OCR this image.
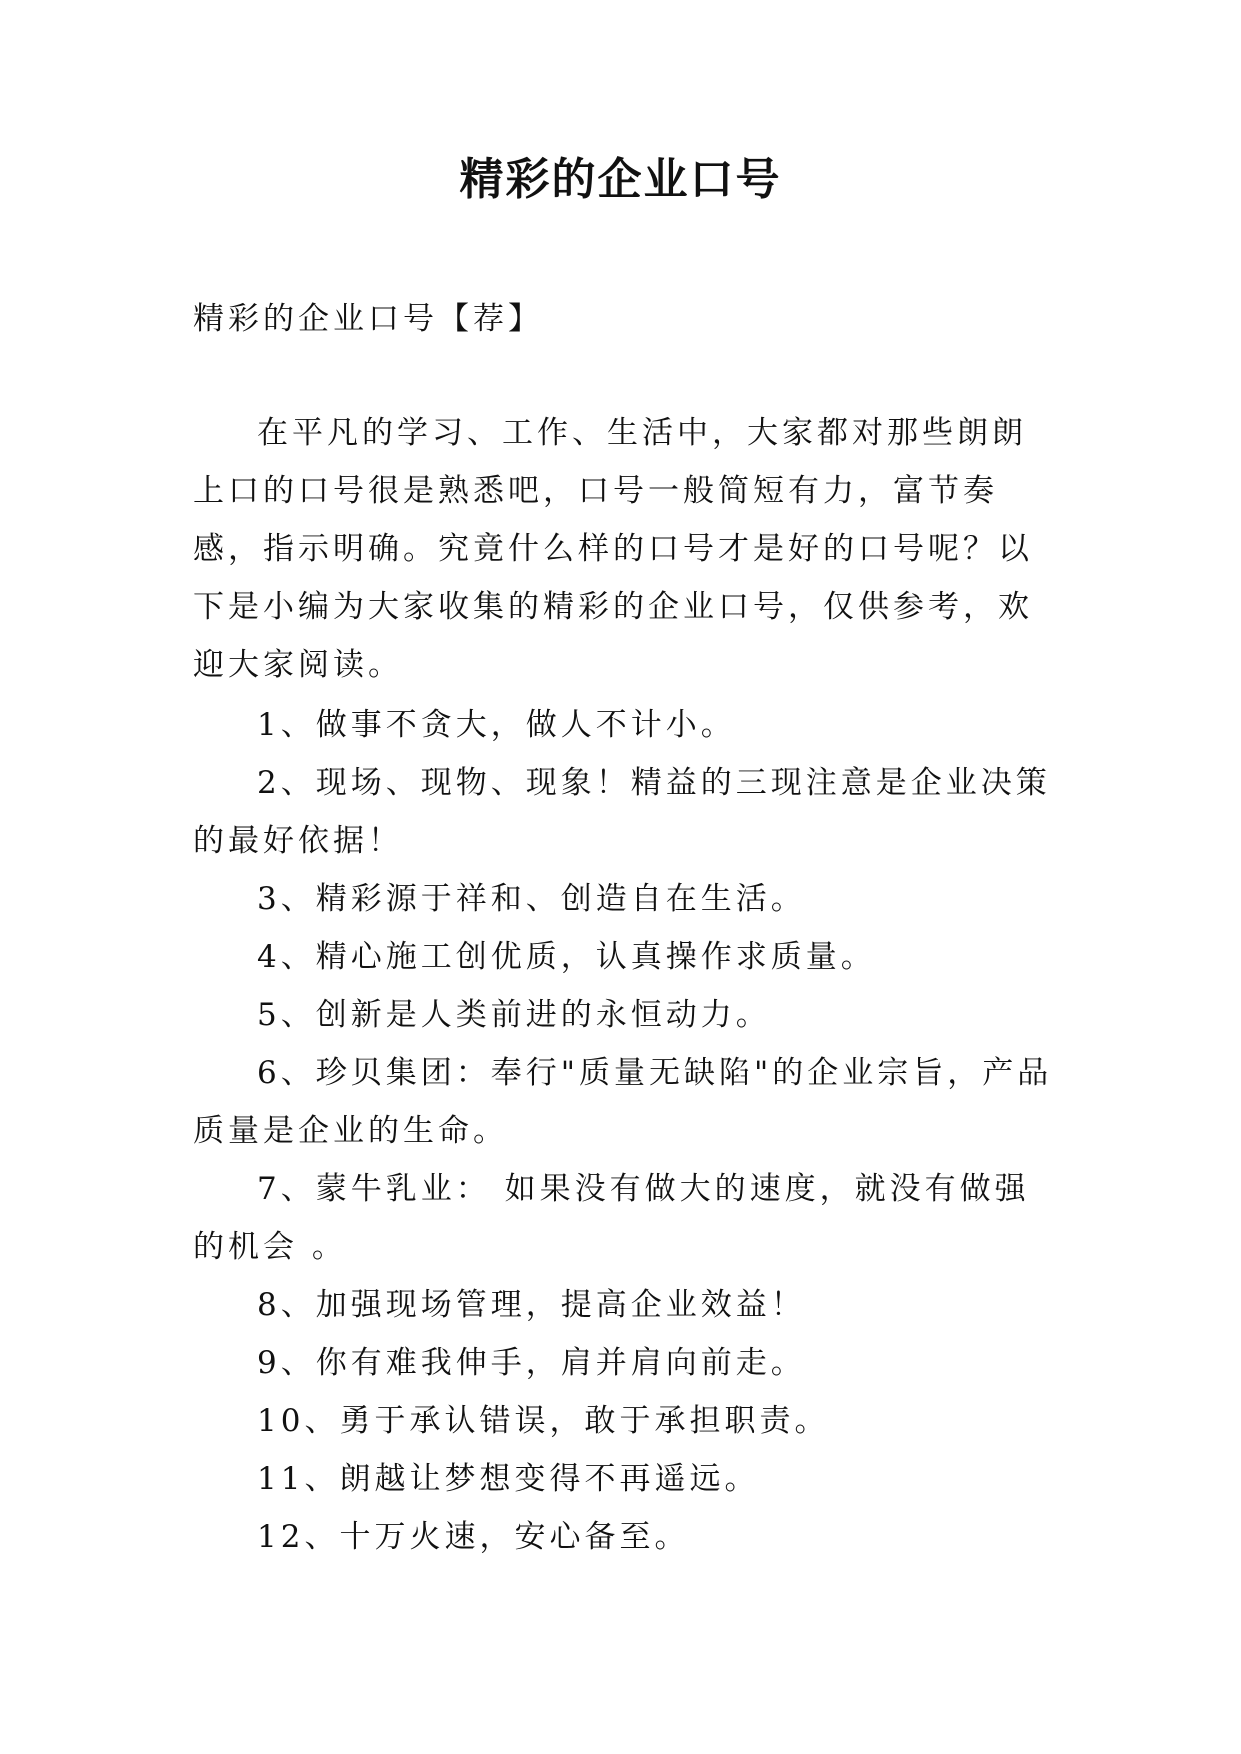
精彩的企业口号
精彩的企业口号【荐】
在平凡的学习、工作、生活中，大家都对那些朗朗上口的口号很是熟悉吧，口号一般简短有力，富节奏感，指示明确。究竟什么样的口号才是好的口号呢？以下是小编为大家收集的精彩的企业口号，仅供参考，欢迎大家阅读。

1、做事不贪大，做人不计小。

2、现场、现物、现象！精益的三现注意是企业决策的最好依据！

3、精彩源于祥和、创造自在生活。

4、精心施工创优质，认真操作求质量。

5、创新是人类前进的永恒动力。

6、珍贝集团：奉行"质量无缺陷"的企业宗旨，产品质量是企业的生命。

7、蒙牛乳业： 如果没有做大的速度，就没有做强的机会 。

8、加强现场管理，提高企业效益！

9、你有难我伸手，肩并肩向前走。

10、勇于承认错误，敢于承担职责。

11、朗越让梦想变得不再遥远。

12、十万火速，安心备至。
